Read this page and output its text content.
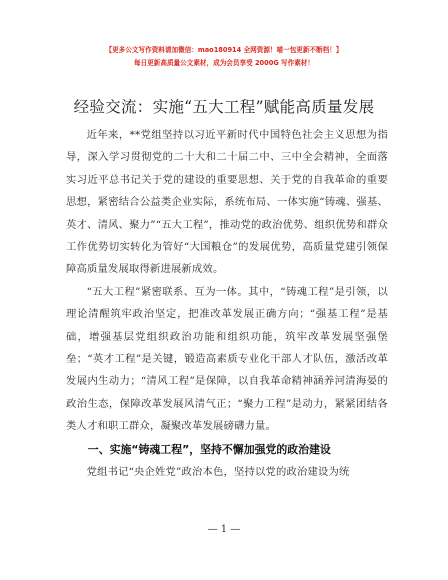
【更多公文写作资料请加微信：mao180914 全网资源！喵一包更新不断档！】
每日更新高质量公文素材，成为会员享受 2000G 写作素材！
经验交流：实施“五大工程”赋能高质量发展

近年来，**党组坚持以习近平新时代中国特色社会主义思想为指导，深入学习贯彻党的二十大和二十届二中、三中全会精神，全面落实习近平总书记关于党的建设的重要思想、关于党的自我革命的重要思想，紧密结合公益类企业实际，系统布局、一体实施“铸魂、强基、英才、清风、聚力”“五大工程”，推动党的政治优势、组织优势和群众工作优势切实转化为管好“大国粮仓”的发展优势，高质量党建引领保障高质量发展取得新进展新成效。

“五大工程”紧密联系、互为一体。其中，“铸魂工程”是引领，以理论清醒筑牢政治坚定，把准改革发展正确方向；“强基工程”是基础，增强基层党组织政治功能和组织功能，筑牢改革发展坚强堡垒；“英才工程”是关键，锻造高素质专业化干部人才队伍，激活改革发展内生动力；“清风工程”是保障，以自我革命精神涵养河清海晏的政治生态，保障改革发展风清气正；“聚力工程”是动力，紧紧团结各类人才和职工群众，凝聚改革发展磅礴力量。

一、实施“铸魂工程”，坚持不懈加强党的政治建设

党组书记“央企姓党”政治本色，坚持以党的政治建设为统

— 1 —
